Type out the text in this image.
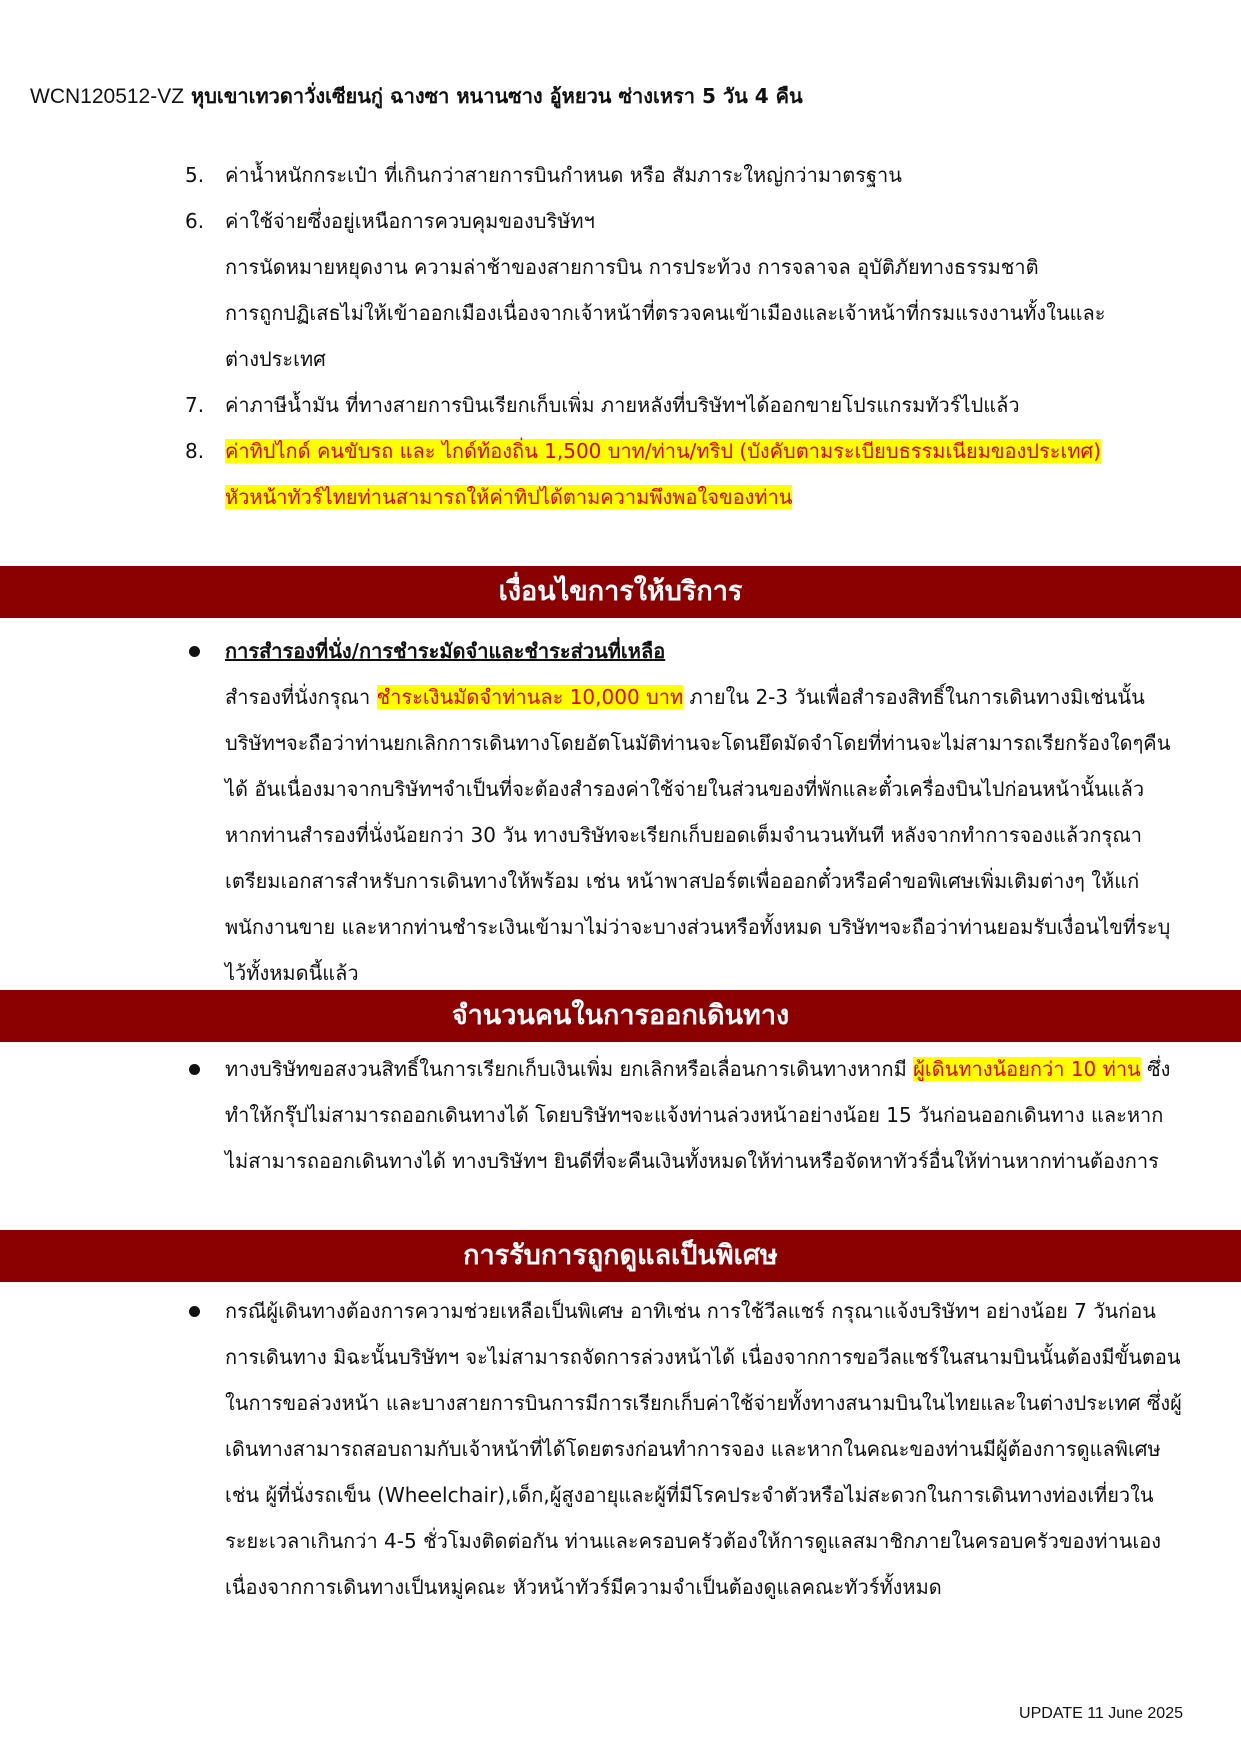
WCN120512-VZ หุบเขาเทวดาวั่งเซียนกู่ ฉางซา หนานซาง อู้หยวน ซ่างเหรา 5 วัน 4 คืน
5. ค่าน้ำหนักกระเป๋า ที่เกินกว่าสายการบินกำหนด หรือ สัมภาระใหญ่กว่ามาตรฐาน
6. ค่าใช้จ่ายซึ่งอยู่เหนือการควบคุมของบริษัทฯ
การนัดหมายหยุดงาน ความล่าช้าของสายการบิน การประท้วง การจลาจล อุบัติภัยทางธรรมชาติ
การถูกปฏิเสธไม่ให้เข้าออกเมืองเนื่องจากเจ้าหน้าที่ตรวจคนเข้าเมืองและเจ้าหน้าที่กรมแรงงานทั้งในและ
ต่างประเทศ
7. ค่าภาษีน้ำมัน ที่ทางสายการบินเรียกเก็บเพิ่ม ภายหลังที่บริษัทฯได้ออกขายโปรแกรมทัวร์ไปแล้ว
8. ค่าทิปไกด์ คนขับรถ และ ไกด์ท้องถิ่น 1,500 บาท/ท่าน/ทริป (บังคับตามระเบียบธรรมเนียมของประเทศ)
หัวหน้าทัวร์ไทยท่านสามารถให้ค่าทิปได้ตามความพึงพอใจของท่าน
เงื่อนไขการให้บริการ
การสำรองที่นั่ง/การชำระมัดจำและชำระส่วนที่เหลือ
สำรองที่นั่งกรุณา ชำระเงินมัดจำท่านละ 10,000 บาท ภายใน 2-3 วันเพื่อสำรองสิทธิ์ในการเดินทางมิเช่นนั้นบริษัทฯจะถือว่าท่านยกเลิกการเดินทางโดยอัตโนมัติท่านจะโดนยึดมัดจำโดยที่ท่านจะไม่สามารถเรียกร้องใดๆคืนได้ อันเนื่องมาจากบริษัทฯจำเป็นที่จะต้องสำรองค่าใช้จ่ายในส่วนของที่พักและตั๋วเครื่องบินไปก่อนหน้านั้นแล้ว หากท่านสำรองที่นั่งน้อยกว่า 30 วัน ทางบริษัทจะเรียกเก็บยอดเต็มจำนวนทันที หลังจากทำการจองแล้วกรุณาเตรียมเอกสารสำหรับการเดินทางให้พร้อม เช่น หน้าพาสปอร์ตเพื่อออกตั๋วหรือคำขอพิเศษเพิ่มเติมต่างๆ ให้แก่พนักงานขาย และหากท่านชำระเงินเข้ามาไม่ว่าจะบางส่วนหรือทั้งหมด บริษัทฯจะถือว่าท่านยอมรับเงื่อนไขที่ระบุไว้ทั้งหมดนี้แล้ว
จำนวนคนในการออกเดินทาง
ทางบริษัทขอสงวนสิทธิ์ในการเรียกเก็บเงินเพิ่ม ยกเลิกหรือเลื่อนการเดินทางหากมี ผู้เดินทางน้อยกว่า 10 ท่าน ซึ่งทำให้กรุ๊ปไม่สามารถออกเดินทางได้ โดยบริษัทฯจะแจ้งท่านล่วงหน้าอย่างน้อย 15 วันก่อนออกเดินทาง และหากไม่สามารถออกเดินทางได้ ทางบริษัทฯ ยินดีที่จะคืนเงินทั้งหมดให้ท่านหรือจัดหาทัวร์อื่นให้ท่านหากท่านต้องการ
การรับการถูกดูแลเป็นพิเศษ
กรณีผู้เดินทางต้องการความช่วยเหลือเป็นพิเศษ อาทิเช่น การใช้วีลแชร์ กรุณาแจ้งบริษัทฯ อย่างน้อย 7 วันก่อนการเดินทาง มิฉะนั้นบริษัทฯ จะไม่สามารถจัดการล่วงหน้าได้ เนื่องจากการขอวีลแชร์ในสนามบินนั้นต้องมีขั้นตอนในการขอล่วงหน้า และบางสายการบินการมีการเรียกเก็บค่าใช้จ่ายทั้งทางสนามบินในไทยและในต่างประเทศ ซึ่งผู้เดินทางสามารถสอบถามกับเจ้าหน้าที่ได้โดยตรงก่อนทำการจอง และหากในคณะของท่านมีผู้ต้องการดูแลพิเศษ เช่น ผู้ที่นั่งรถเข็น (Wheelchair),เด็ก,ผู้สูงอายุและผู้ที่มีโรคประจำตัวหรือไม่สะดวกในการเดินทางท่องเที่ยวในระยะเวลาเกินกว่า 4-5 ชั่วโมงติดต่อกัน ท่านและครอบครัวต้องให้การดูแลสมาชิกภายในครอบครัวของท่านเอง เนื่องจากการเดินทางเป็นหมู่คณะ หัวหน้าทัวร์มีความจำเป็นต้องดูแลคณะทัวร์ทั้งหมด
UPDATE 11 June 2025
